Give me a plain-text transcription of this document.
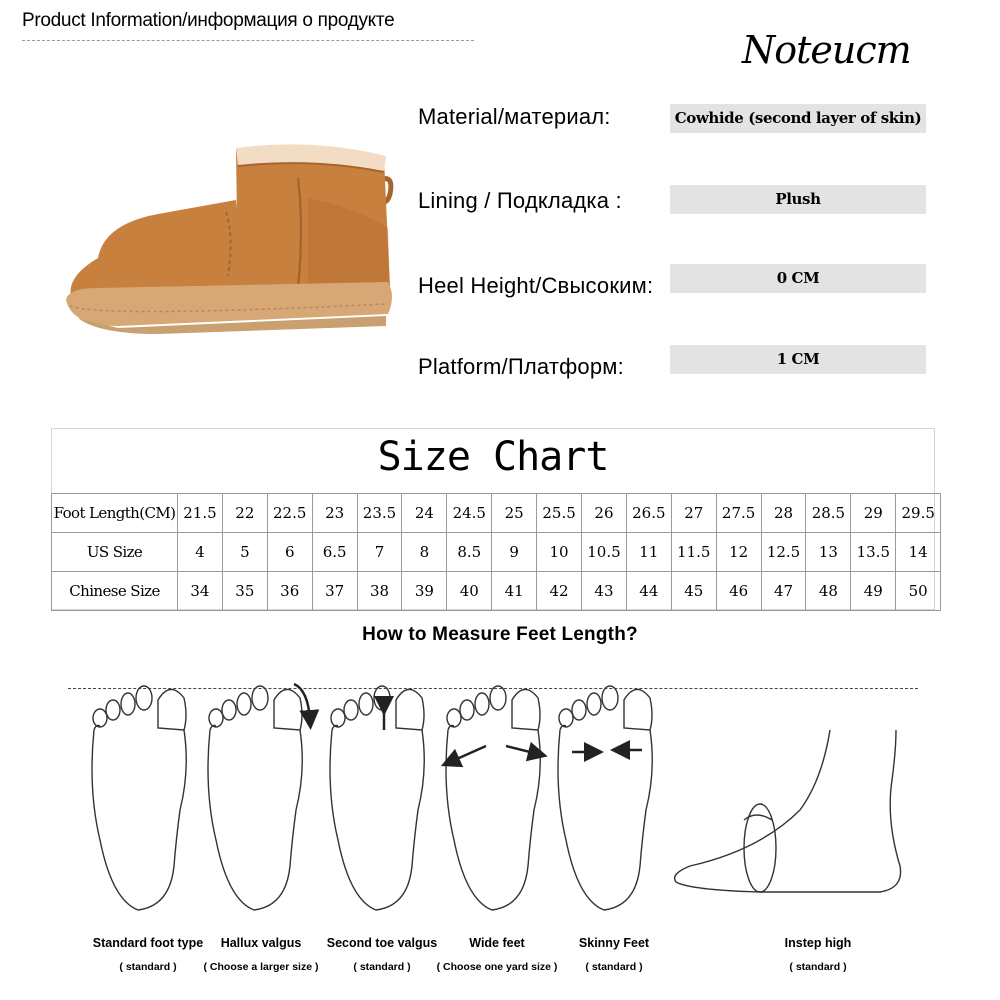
Product Information/информация о продукте
Noteucm
Material/материал:	Cowhide (second layer of skin)
Lining / Подкладка :	Plush
Heel Height/Свысоким:	0 CM
Platform/Платформ:	1 CM
Size Chart
Foot Length(CM)	21.5	22	22.5	23	23.5	24	24.5	25	25.5	26	26.5	27	27.5	28	28.5	29	29.5
US Size	4	5	6	6.5	7	8	8.5	9	10	10.5	11	11.5	12	12.5	13	13.5	14
Chinese Size	34	35	36	37	38	39	40	41	42	43	44	45	46	47	48	49	50
How to Measure Feet Length?
Standard foot type
( standard )
Hallux valgus
( Choose a larger size )
Second toe valgus
( standard )
Wide feet
( Choose one yard size )
Skinny Feet
( standard )
Instep high
( standard )
